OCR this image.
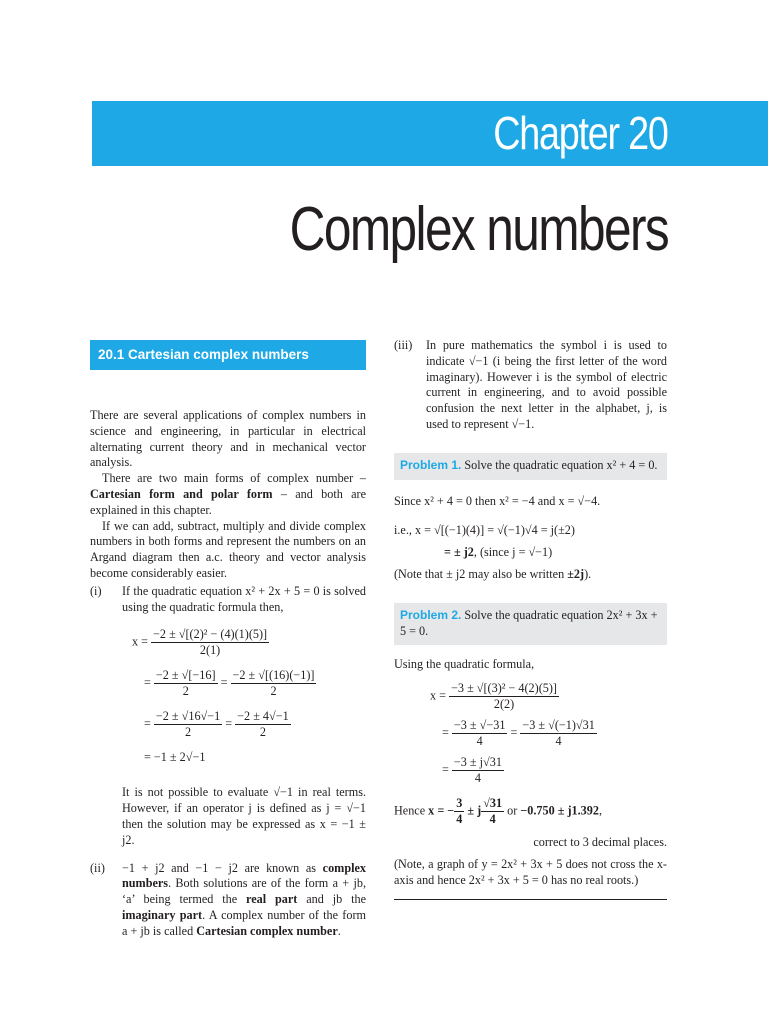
Chapter 20
Complex numbers
20.1 Cartesian complex numbers

There are several applications of complex numbers in science and engineering, in particular in electrical alternating current theory and in mechanical vector analysis.

There are two main forms of complex number – Cartesian form and polar form – and both are explained in this chapter.

If we can add, subtract, multiply and divide complex numbers in both forms and represent the numbers on an Argand diagram then a.c. theory and vector analysis become considerably easier.

(i)	If the quadratic equation x² + 2x + 5 = 0 is solved using the quadratic formula then,

$x = \frac{\text{−2 ± √[(2)² − (4)(1)(5)]}}{2(1)}$
= $\frac{-2 \pm √[-16]}{2} = \frac{-2 \pm √[(16)(-1)]}{2}$
= $\frac{-2 \pm √16√-1}{2} = \frac{-2 \pm 4√-1}{2}$
= −1 ± 2√−1

It is not possible to evaluate √−1 in real terms. However, if an operator j is defined as j = √−1 then the solution may be expressed as x = −1 ± j2.

(ii)	−1 + j2 and −1 − j2 are known as complex numbers. Both solutions are of the form a + jb, ‘a’ being termed the real part and jb the imaginary part. A complex number of the form a + jb is called Cartesian complex number.

(iii)	In pure mathematics the symbol i is used to indicate √−1 (i being the first letter of the word imaginary). However i is the symbol of electric current in engineering, and to avoid possible confusion the next letter in the alphabet, j, is used to represent √−1.

Problem 1. Solve the quadratic equation x² + 4 = 0.

Since x² + 4 = 0 then x² = −4 and x = √−4.

i.e., x = √[(−1)(4)] = √(−1)√4 = j(±2)

= ± j2, (since j = √−1)

(Note that ± j2 may also be written ±2j).

Problem 2. Solve the quadratic equation 2x² + 3x + 5 = 0.

Using the quadratic formula,

$x = \frac{\text{−3 ± √[(3)² − 4(2)(5)]}}{2(2)}$
= $\frac{-3 \pm √-31}{4} = \frac{-3 \pm √(-1)√31}{4}$
= $\frac{-3 \pm j√31}{4}$
Hence x = − $\frac{3}{4} \pm j \frac{√31}{4}$ or −0.750 ± j1.392,

correct to 3 decimal places.

(Note, a graph of y = 2x² + 3x + 5 does not cross the x-axis and hence 2x² + 3x + 5 = 0 has no real roots.)
